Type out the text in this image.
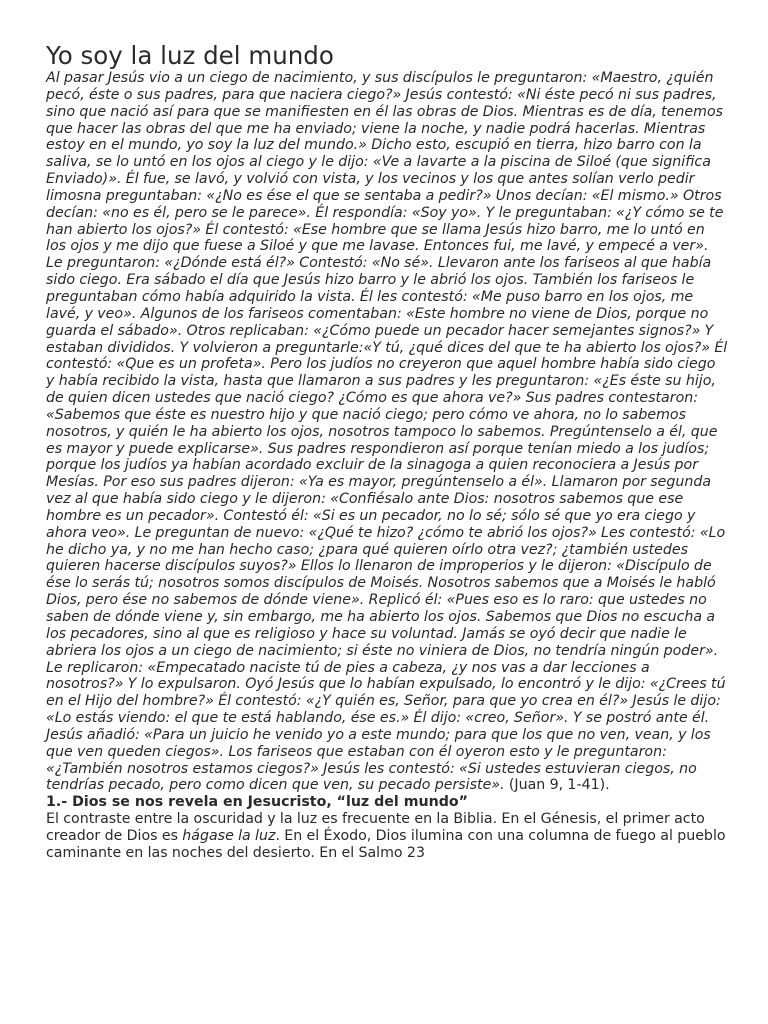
Yo soy la luz del mundo

Al pasar Jesús vio a un ciego de nacimiento, y sus discípulos le preguntaron: «Maestro, ¿quién pecó, éste o sus padres, para que naciera ciego?» Jesús contestó: «Ni éste pecó ni sus padres, sino que nació así para que se manifiesten en él las obras de Dios. Mientras es de día, tenemos que hacer las obras del que me ha enviado; viene la noche, y nadie podrá hacerlas. Mientras estoy en el mundo, yo soy la luz del mundo.» Dicho esto, escupió en tierra, hizo barro con la saliva, se lo untó en los ojos al ciego y le dijo: «Ve a lavarte a la piscina de Siloé (que significa Enviado)». Él fue, se lavó, y volvió con vista, y los vecinos y los que antes solían verlo pedir limosna preguntaban: «¿No es ése el que se sentaba a pedir?» Unos decían: «El mismo.» Otros decían: «no es él, pero se le parece». Él respondía: «Soy yo». Y le preguntaban: «¿Y cómo se te han abierto los ojos?» Él contestó: «Ese hombre que se llama Jesús hizo barro, me lo untó en los ojos y me dijo que fuese a Siloé y que me lavase. Entonces fui, me lavé, y empecé a ver». Le preguntaron: «¿Dónde está él?» Contestó: «No sé». Llevaron ante los fariseos al que había sido ciego. Era sábado el día que Jesús hizo barro y le abrió los ojos. También los fariseos le preguntaban cómo había adquirido la vista. Él les contestó: «Me puso barro en los ojos, me lavé, y veo». Algunos de los fariseos comentaban: «Este hombre no viene de Dios, porque no guarda el sábado». Otros replicaban: «¿Cómo puede un pecador hacer semejantes signos?» Y estaban divididos. Y volvieron a preguntarle:«Y tú, ¿qué dices del que te ha abierto los ojos?» Él contestó: «Que es un profeta». Pero los judíos no creyeron que aquel hombre había sido ciego y había recibido la vista, hasta que llamaron a sus padres y les preguntaron: «¿Es éste su hijo, de quien dicen ustedes que nació ciego? ¿Cómo es que ahora ve?» Sus padres contestaron: «Sabemos que éste es nuestro hijo y que nació ciego; pero cómo ve ahora, no lo sabemos nosotros, y quién le ha abierto los ojos, nosotros tampoco lo sabemos. Pregúntenselo a él, que es mayor y puede explicarse». Sus padres respondieron así porque tenían miedo a los judíos; porque los judíos ya habían acordado excluir de la sinagoga a quien reconociera a Jesús por Mesías. Por eso sus padres dijeron: «Ya es mayor, pregúntenselo a él». Llamaron por segunda vez al que había sido ciego y le dijeron: «Confiésalo ante Dios: nosotros sabemos que ese hombre es un pecador». Contestó él: «Si es un pecador, no lo sé; sólo sé que yo era ciego y ahora veo». Le preguntan de nuevo: «¿Qué te hizo? ¿cómo te abrió los ojos?» Les contestó: «Lo he dicho ya, y no me han hecho caso; ¿para qué quieren oírlo otra vez?; ¿también ustedes quieren hacerse discípulos suyos?» Ellos lo llenaron de improperios y le dijeron: «Discípulo de ése lo serás tú; nosotros somos discípulos de Moisés. Nosotros sabemos que a Moisés le habló Dios, pero ése no sabemos de dónde viene». Replicó él: «Pues eso es lo raro: que ustedes no saben de dónde viene y, sin embargo, me ha abierto los ojos. Sabemos que Dios no escucha a los pecadores, sino al que es religioso y hace su voluntad. Jamás se oyó decir que nadie le abriera los ojos a un ciego de nacimiento; si éste no viniera de Dios, no tendría ningún poder». Le replicaron: «Empecatado naciste tú de pies a cabeza, ¿y nos vas a dar lecciones a nosotros?» Y lo expulsaron. Oyó Jesús que lo habían expulsado, lo encontró y le dijo: «¿Crees tú en el Hijo del hombre?» Él contestó: «¿Y quién es, Señor, para que yo crea en él?» Jesús le dijo: «Lo estás viendo: el que te está hablando, ése es.» Él dijo: «creo, Señor». Y se postró ante él. Jesús añadió: «Para un juicio he venido yo a este mundo; para que los que no ven, vean, y los que ven queden ciegos». Los fariseos que estaban con él oyeron esto y le preguntaron: «¿También nosotros estamos ciegos?» Jesús les contestó: «Si ustedes estuvieran ciegos, no tendrías pecado, pero como dicen que ven, su pecado persiste». (Juan 9, 1-41).

1.- Dios se nos revela en Jesucristo, “luz del mundo”

El contraste entre la oscuridad y la luz es frecuente en la Biblia. En el Génesis, el primer acto creador de Dios es hágase la luz. En el Éxodo, Dios ilumina con una columna de fuego al pueblo caminante en las noches del desierto. En el Salmo 23
